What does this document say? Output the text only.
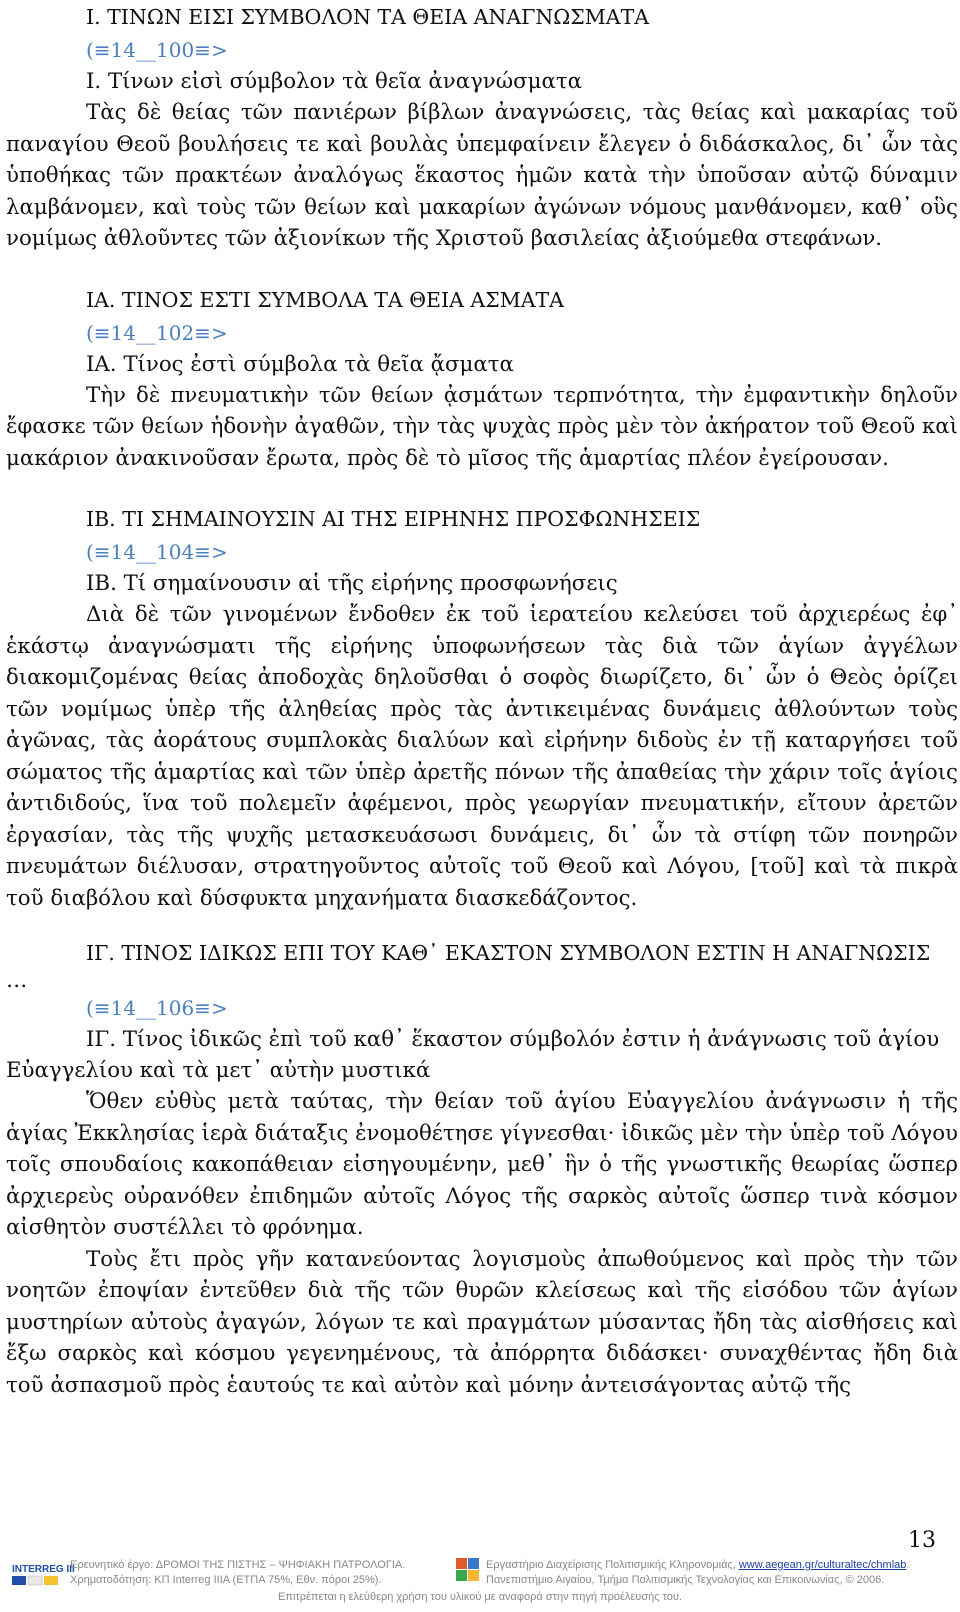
Ι. ΤΙΝΩΝ ΕΙΣΙ ΣΥΜΒΟΛΟΝ ΤΑ ΘΕΙΑ ΑΝΑΓΝΩΣΜΑΤΑ
(≡14__100≡>
Ι. Τίνων εἰσὶ σύμβολον τὰ θεῖα ἀναγνώσματα

Τὰς δὲ θείας τῶν πανιέρων βίβλων ἀναγνώσεις, τὰς θείας καὶ μακαρίας τοῦ παναγίου Θεοῦ βουλήσεις τε καὶ βουλὰς ὑπεμφαίνειν ἔλεγεν ὁ διδάσκαλος, δι᾽ ὧν τὰς ὑποθήκας τῶν πρακτέων ἀναλόγως ἕκαστος ἡμῶν κατὰ τὴν ὑποῦσαν αὐτῷ δύναμιν λαμβάνομεν, καὶ τοὺς τῶν θείων καὶ μακαρίων ἀγώνων νόμους μανθάνομεν, καθ᾽ οὓς νομίμως ἀθλοῦντες τῶν ἀξιονίκων τῆς Χριστοῦ βασιλείας ἀξιούμεθα στεφάνων.

ΙΑ. ΤΙΝΟΣ ΕΣΤΙ ΣΥΜΒΟΛΑ ΤΑ ΘΕΙΑ ΑΣΜΑΤΑ
(≡14__102≡>
ΙΑ. Τίνος ἐστὶ σύμβολα τὰ θεῖα ᾄσματα

Τὴν δὲ πνευματικὴν τῶν θείων ᾀσμάτων τερπνότητα, τὴν ἐμφαντικὴν δηλοῦν ἔφασκε τῶν θείων ἡδονὴν ἀγαθῶν, τὴν τὰς ψυχὰς πρὸς μὲν τὸν ἀκήρατον τοῦ Θεοῦ καὶ μακάριον ἀνακινοῦσαν ἔρωτα, πρὸς δὲ τὸ μῖσος τῆς ἁμαρτίας πλέον ἐγείρουσαν.

ΙΒ. ΤΙ ΣΗΜΑΙΝΟΥΣΙΝ ΑΙ ΤΗΣ ΕΙΡΗΝΗΣ ΠΡΟΣΦΩΝΗΣΕΙΣ
(≡14__104≡>
ΙΒ. Τί σημαίνουσιν αἱ τῆς εἰρήνης προσφωνήσεις

Διὰ δὲ τῶν γινομένων ἔνδοθεν ἐκ τοῦ ἱερατείου κελεύσει τοῦ ἀρχιερέως ἐφ᾽ ἑκάστῳ ἀναγνώσματι τῆς εἰρήνης ὑποφωνήσεων τὰς διὰ τῶν ἁγίων ἀγγέλων διακομιζομένας θείας ἀποδοχὰς δηλοῦσθαι ὁ σοφὸς διωρίζετο, δι᾽ ὧν ὁ Θεὸς ὁρίζει τῶν νομίμως ὑπὲρ τῆς ἀληθείας πρὸς τὰς ἀντικειμένας δυνάμεις ἀθλούντων τοὺς ἀγῶνας, τὰς ἀοράτους συμπλοκὰς διαλύων καὶ εἰρήνην διδοὺς ἐν τῇ καταργήσει τοῦ σώματος τῆς ἁμαρτίας καὶ τῶν ὑπὲρ ἀρετῆς πόνων τῆς ἀπαθείας τὴν χάριν τοῖς ἁγίοις ἀντιδιδούς, ἵνα τοῦ πολεμεῖν ἀφέμενοι, πρὸς γεωργίαν πνευματικήν, εἴτουν ἀρετῶν ἐργασίαν, τὰς τῆς ψυχῆς μετασκευάσωσι δυνάμεις, δι᾽ ὧν τὰ στίφη τῶν πονηρῶν πνευμάτων διέλυσαν, στρατηγοῦντος αὐτοῖς τοῦ Θεοῦ καὶ Λόγου, [τοῦ] καὶ τὰ πικρὰ τοῦ διαβόλου καὶ δύσφυκτα μηχανήματα διασκεδάζοντος.

ΙΓ. ΤΙΝΟΣ ΙΔΙΚΩΣ ΕΠΙ ΤΟΥ ΚΑΘ᾽ ΕΚΑΣΤΟΝ ΣΥΜΒΟΛΟΝ ΕΣΤΙΝ Η ΑΝΑΓΝΩΣΙΣ
…
(≡14__106≡>
ΙΓ. Τίνος ἰδικῶς ἐπὶ τοῦ καθ᾽ ἕκαστον σύμβολόν ἐστιν ἡ ἀνάγνωσις τοῦ ἁγίου Εὐαγγελίου καὶ τὰ μετ᾽ αὐτὴν μυστικά

Ὅθεν εὐθὺς μετὰ ταύτας, τὴν θείαν τοῦ ἁγίου Εὐαγγελίου ἀνάγνωσιν ἡ τῆς ἁγίας Ἐκκλησίας ἱερὰ διάταξις ἐνομοθέτησε γίγνεσθαι· ἰδικῶς μὲν τὴν ὑπὲρ τοῦ Λόγου τοῖς σπουδαίοις κακοπάθειαν εἰσηγουμένην, μεθ᾽ ἣν ὁ τῆς γνωστικῆς θεωρίας ὥσπερ ἀρχιερεὺς οὐρανόθεν ἐπιδημῶν αὐτοῖς Λόγος τῆς σαρκὸς αὐτοῖς ὥσπερ τινὰ κόσμον αἰσθητὸν συστέλλει τὸ φρόνημα.

Τοὺς ἔτι πρὸς γῆν κατανεύοντας λογισμοὺς ἀπωθούμενος καὶ πρὸς τὴν τῶν νοητῶν ἐποψίαν ἐντεῦθεν διὰ τῆς τῶν θυρῶν κλείσεως καὶ τῆς εἰσόδου τῶν ἁγίων μυστηρίων αὐτοὺς ἀγαγών, λόγων τε καὶ πραγμάτων μύσαντας ἤδη τὰς αἰσθήσεις καὶ ἔξω σαρκὸς καὶ κόσμου γεγενημένους, τὰ ἀπόρρητα διδάσκει· συναχθέντας ἤδη διὰ τοῦ ἀσπασμοῦ πρὸς ἑαυτούς τε καὶ αὐτὸν καὶ μόνην ἀντεισάγοντας αὐτῷ τῆς

13
INTERREG III
Ερευνητικό έργο: ΔΡΟΜΟΙ ΤΗΣ ΠΙΣΤΗΣ – ΨΗΦΙΑΚΗ ΠΑΤΡΟΛΟΓΙΑ.
Χρηματοδότηση: ΚΠ Interreg IIIA (ΕΤΠΑ 75%, Εθν. πόροι 25%).
Εργαστήριο Διαχείρισης Πολιτισμικής Κληρονομιάς, www.aegean.gr/culturaltec/chmlab.
Πανεπιστήμιο Αιγαίου, Τμήμα Πολιτισμικής Τεχνολογίας και Επικοινωνίας, © 2006.
Επιτρέπεται η ελεύθερη χρήση του υλικού με αναφορά στην πηγή προέλευσής του.
